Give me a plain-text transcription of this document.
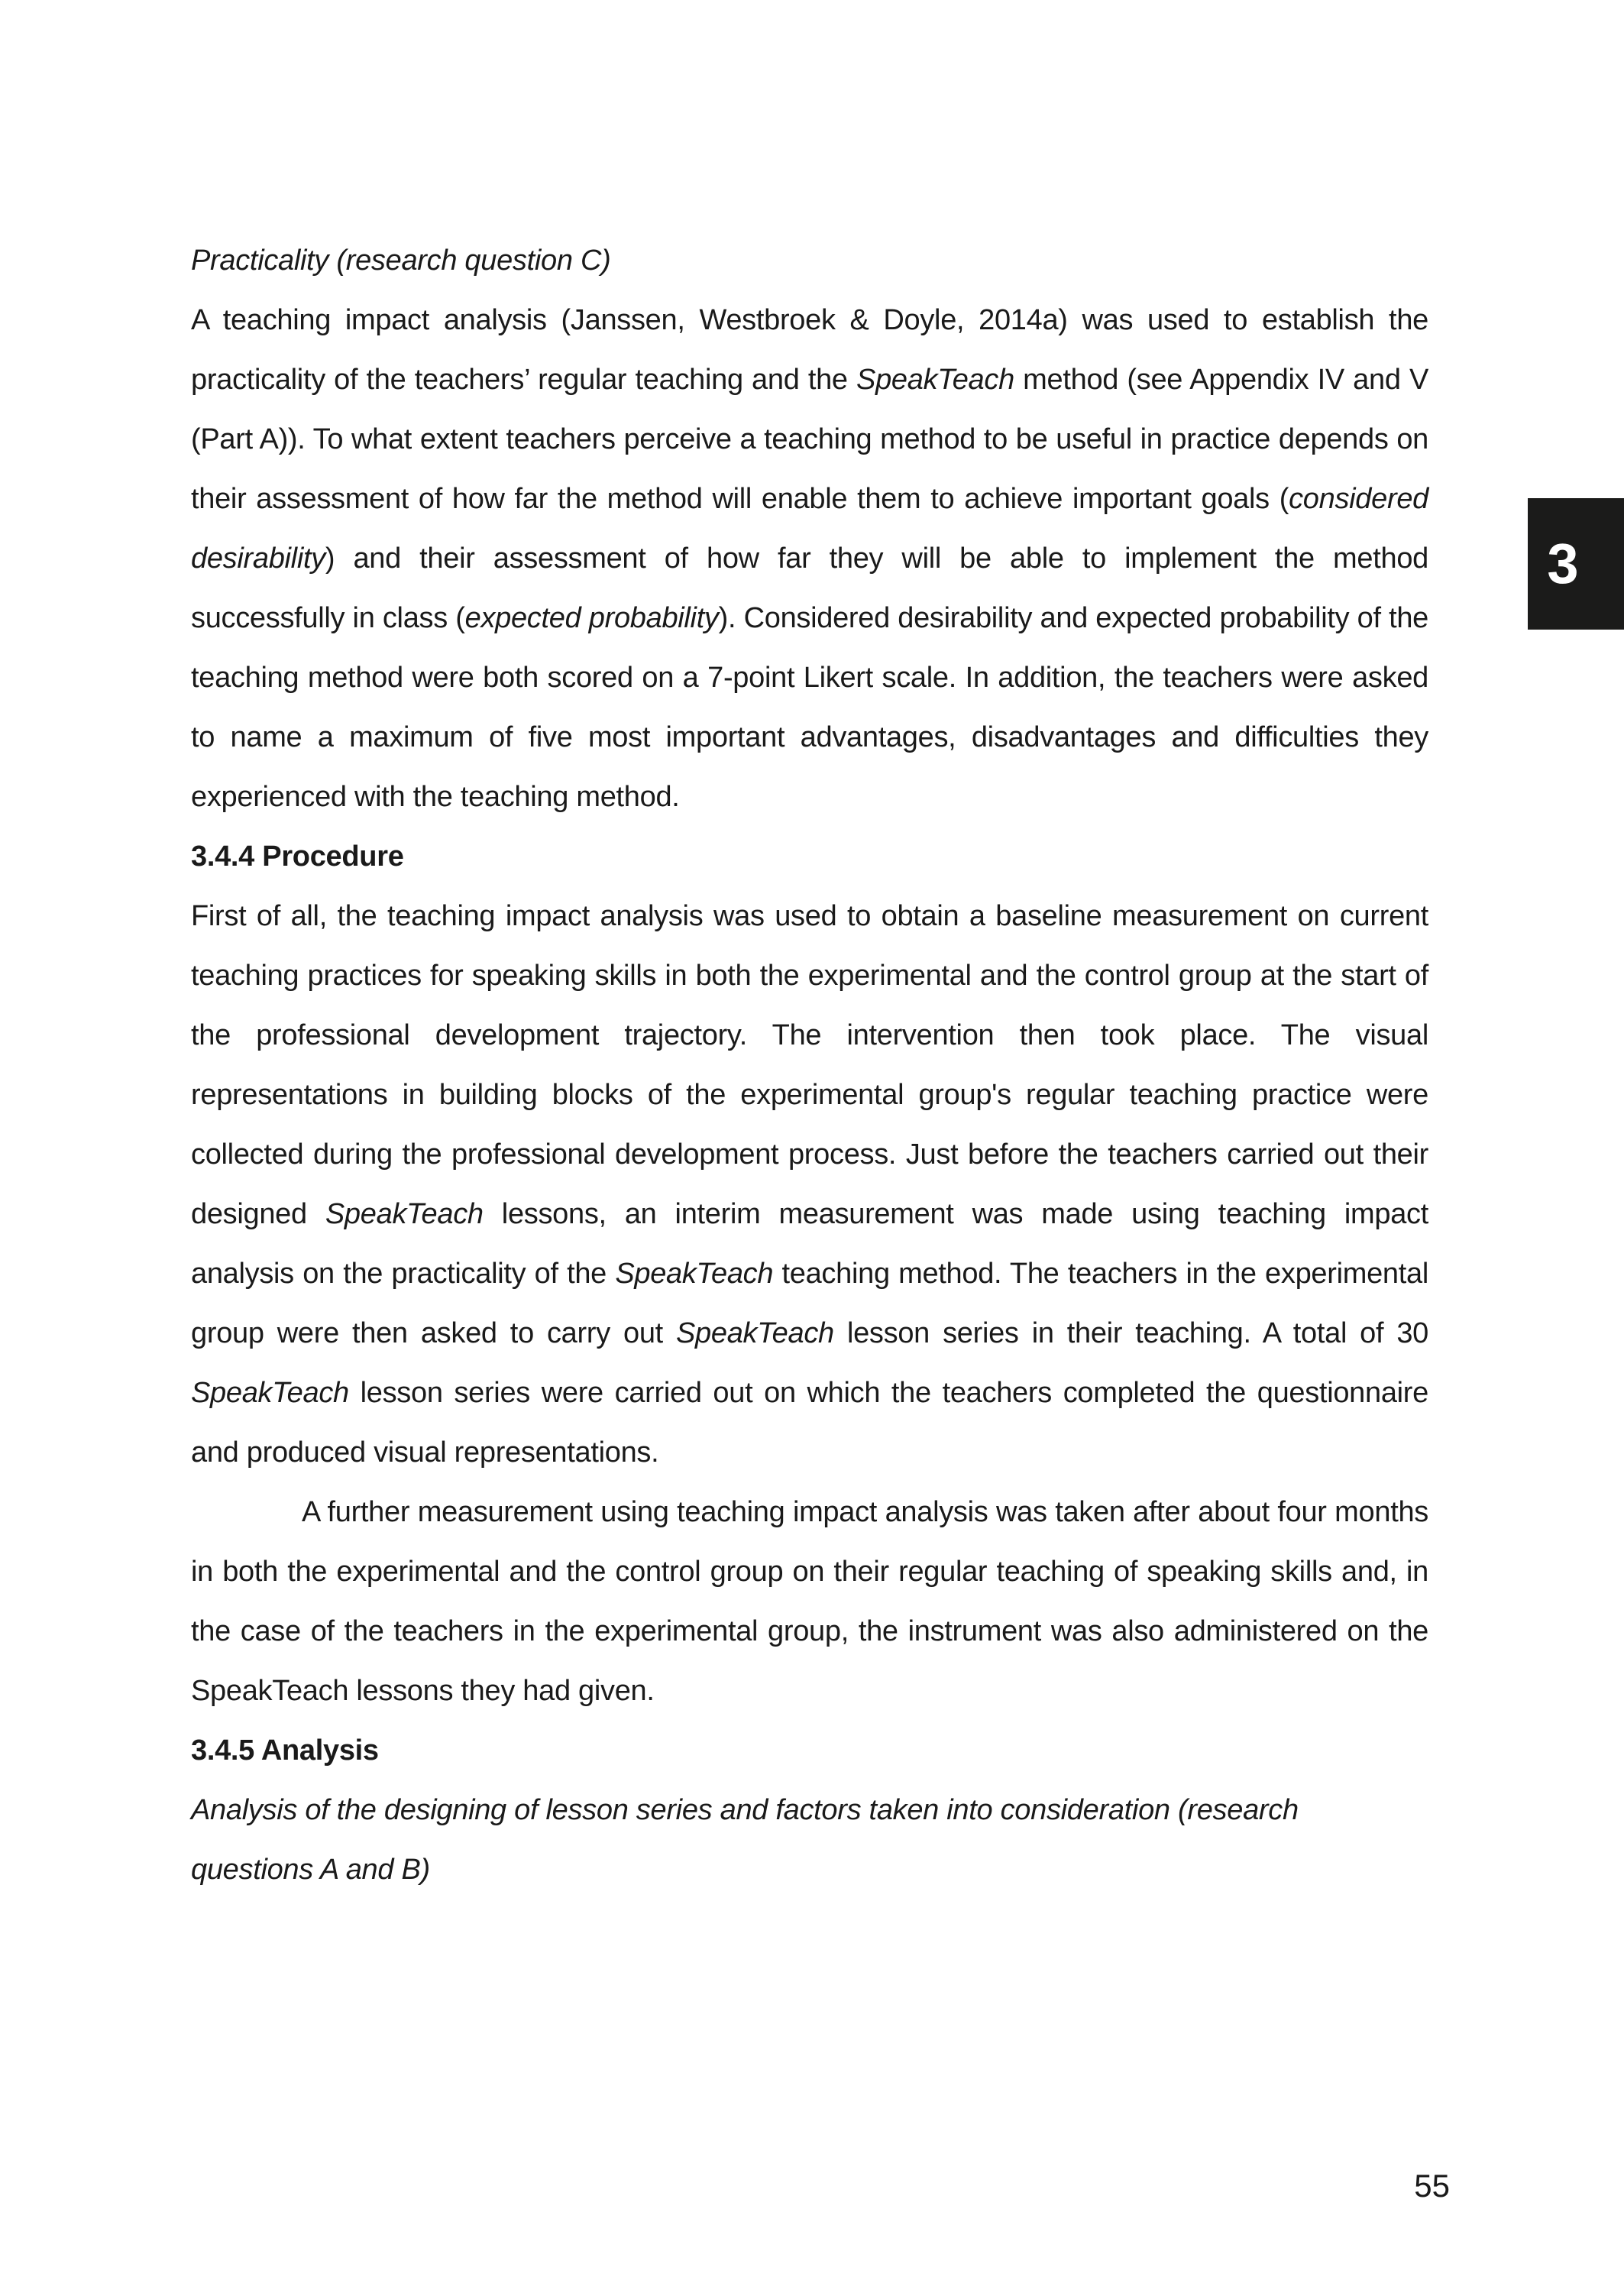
Practicality (research question C)

A teaching impact analysis (Janssen, Westbroek & Doyle, 2014a) was used to establish the practicality of the teachers’ regular teaching and the SpeakTeach method (see Appendix IV and V (Part A)). To what extent teachers perceive a teaching method to be useful in practice depends on their assessment of how far the method will enable them to achieve important goals (considered desirability) and their assessment of how far they will be able to implement the method successfully in class (expected probability). Considered desirability and expected probability of the teaching method were both scored on a 7-point Likert scale. In addition, the teachers were asked to name a maximum of five most important advantages, disadvantages and difficulties they experienced with the teaching method.

3.4.4 Procedure

First of all, the teaching impact analysis was used to obtain a baseline measurement on current teaching practices for speaking skills in both the experimental and the control group at the start of the professional development trajectory. The intervention then took place. The visual representations in building blocks of the experimental group's regular teaching practice were collected during the professional development process. Just before the teachers carried out their designed SpeakTeach lessons, an interim measurement was made using teaching impact analysis on the practicality of the SpeakTeach teaching method. The teachers in the experimental group were then asked to carry out SpeakTeach lesson series in their teaching. A total of 30 SpeakTeach lesson series were carried out on which the teachers completed the questionnaire and produced visual representations.

A further measurement using teaching impact analysis was taken after about four months in both the experimental and the control group on their regular teaching of speaking skills and, in the case of the teachers in the experimental group, the instrument was also administered on the SpeakTeach lessons they had given.

3.4.5 Analysis

Analysis of the designing of lesson series and factors taken into consideration (research
questions A and B)

3
55
